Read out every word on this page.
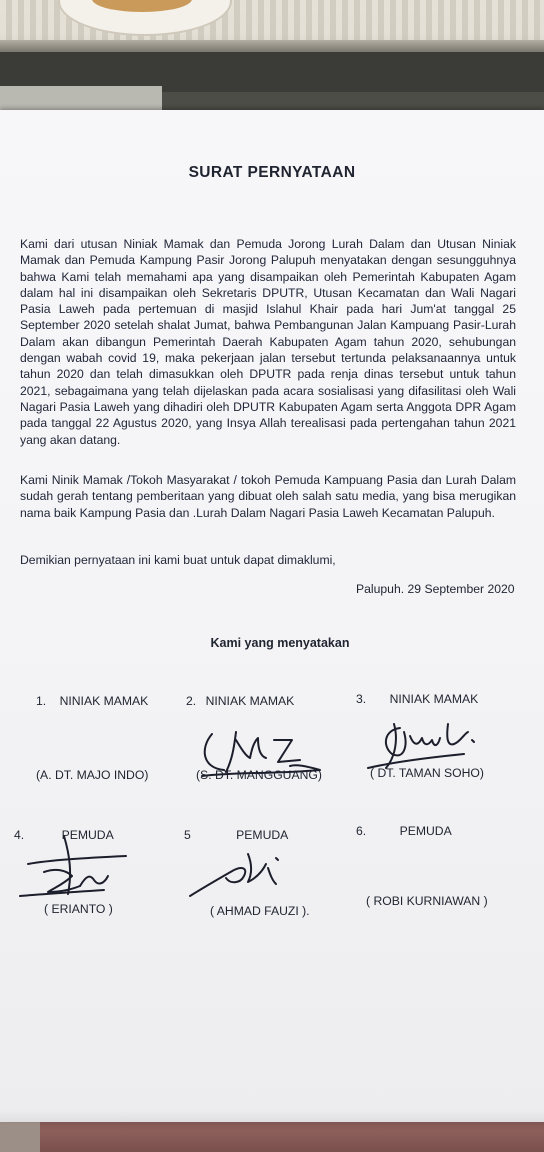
SURAT PERNYATAAN
Kami dari utusan Niniak Mamak dan Pemuda Jorong Lurah Dalam dan Utusan Niniak Mamak dan Pemuda Kampung Pasir Jorong Palupuh menyatakan dengan sesungguhnya bahwa Kami telah memahami apa yang disampaikan oleh Pemerintah Kabupaten Agam dalam hal ini disampaikan oleh Sekretaris DPUTR, Utusan Kecamatan dan Wali Nagari Pasia Laweh pada pertemuan di masjid Islahul Khair pada hari Jum'at tanggal 25 September 2020 setelah shalat Jumat, bahwa Pembangunan Jalan Kampuang Pasir-Lurah Dalam akan dibangun Pemerintah Daerah Kabupaten Agam tahun 2020, sehubungan dengan wabah covid 19, maka pekerjaan jalan tersebut tertunda pelaksanaannya untuk tahun 2020 dan telah dimasukkan oleh DPUTR pada renja dinas tersebut untuk tahun 2021, sebagaimana yang telah dijelaskan pada acara sosialisasi yang difasilitasi oleh Wali Nagari Pasia Laweh yang dihadiri oleh DPUTR Kabupaten Agam serta Anggota DPR Agam pada tanggal 22 Agustus 2020, yang Insya Allah terealisasi pada pertengahan tahun 2021 yang akan datang.
Kami Ninik Mamak /Tokoh Masyarakat / tokoh Pemuda Kampuang Pasia dan Lurah Dalam sudah gerah tentang pemberitaan yang dibuat oleh salah satu media, yang bisa merugikan nama baik Kampung Pasia dan .Lurah Dalam Nagari Pasia Laweh Kecamatan Palupuh.
Demikian pernyataan ini kami buat untuk dapat dimaklumi,
Palupuh. 29 September 2020
Kami yang menyatakan
1. NINIAK MAMAK
(A. DT. MAJO INDO)
2. NINIAK MAMAK
(S. DT. MANGGUANG)
3. NINIAK MAMAK
( DT. TAMAN SOHO)
4.	PEMUDA
( ERIANTO )
5	PEMUDA
( AHMAD FAUZI ).
6.	PEMUDA
( ROBI KURNIAWAN )
